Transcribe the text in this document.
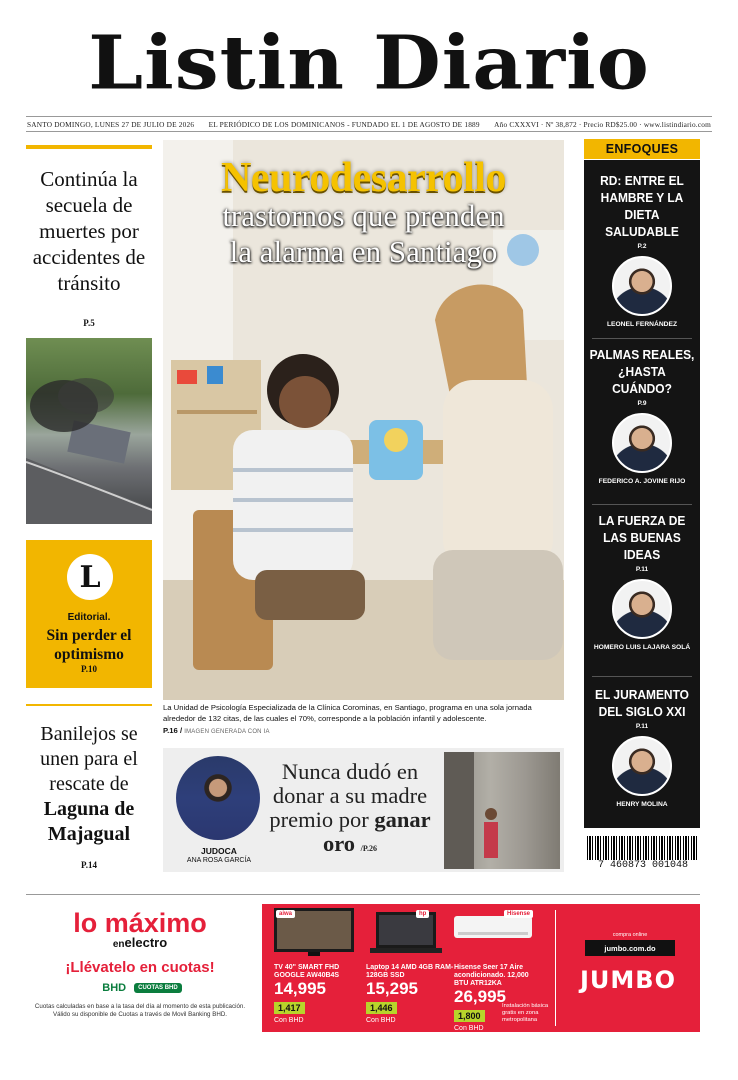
Listin Diario
SANTO DOMINGO, LUNES 27 DE JULIO DE 2026 EL PERIÓDICO DE LOS DOMINICANOS - FUNDADO EL 1 DE AGOSTO DE 1889 Año CXXXVI · Nº 38,872 · Precio RD$25.00 · www.listindiario.com
Continúa la secuela de muertes por accidentes de tránsito
P.5
L
Editorial.
Sin perder el optimismo
P.10
Banilejos se unen para el rescate de
Laguna de Majagual
P.14
Neurodesarrollo
trastornos que prenden
la alarma en Santiago
La Unidad de Psicología Especializada de la Clínica Corominas, en Santiago, programa en una sola jornada alrededor de 132 citas, de las cuales el 70%, corresponde a la población infantil y adolescente.
P.16 / IMAGEN GENERADA CON IA
JUDOCA
ANA ROSA GARCÍA
Nunca dudó en donar a su madre premio por ganar oro /P.26
ENFOQUES
RD: ENTRE EL HAMBRE Y LA DIETA SALUDABLE
P.2
LEONEL FERNÁNDEZ
PALMAS REALES, ¿HASTA CUÁNDO?
P.9
FEDERICO A. JOVINE RIJO
LA FUERZA DE LAS BUENAS IDEAS
P.11
HOMERO LUIS LAJARA SOLÁ
EL JURAMENTO DEL SIGLO XXI
P.11
HENRY MOLINA
7 460873 001048
lo máximo
enelectro
¡Llévatelo en cuotas!
BHD CUOTAS BHD
Cuotas calculadas en base a la tasa del día al momento de esta publicación. Válido su disponible de Cuotas a través de Movil Banking BHD.
TV 40" SMART FHD GOOGLE AW40B4S
14,995
1,417
Con BHD
aiwa
Laptop 14 AMD 4GB RAM-128GB SSD
15,295
1,446
Con BHD
hp
Hisense Seer 17 Aire acondicionado. 12,000 BTU ATR12KA
26,995
1,800
Con BHD
Hisense
Instalación básica gratis en zona metropolitana
compra online
jumbo.com.do
JUMBO
